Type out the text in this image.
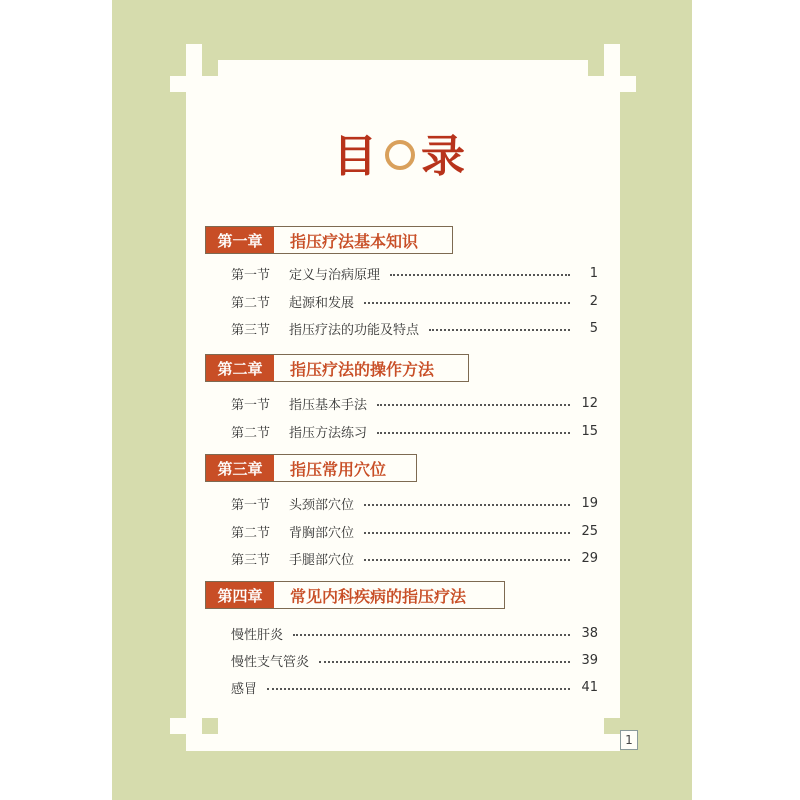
目 录
第一章	指压疗法基本知识
第一节	定义与治病原理	1
第二节	起源和发展	2
第三节	指压疗法的功能及特点	5
第二章	指压疗法的操作方法
第一节	指压基本手法	12
第二节	指压方法练习	15
第三章	指压常用穴位
第一节	头颈部穴位	19
第二节	背胸部穴位	25
第三节	手腿部穴位	29
第四章	常见内科疾病的指压疗法
慢性肝炎	38
慢性支气管炎	39
感冒	41
1
